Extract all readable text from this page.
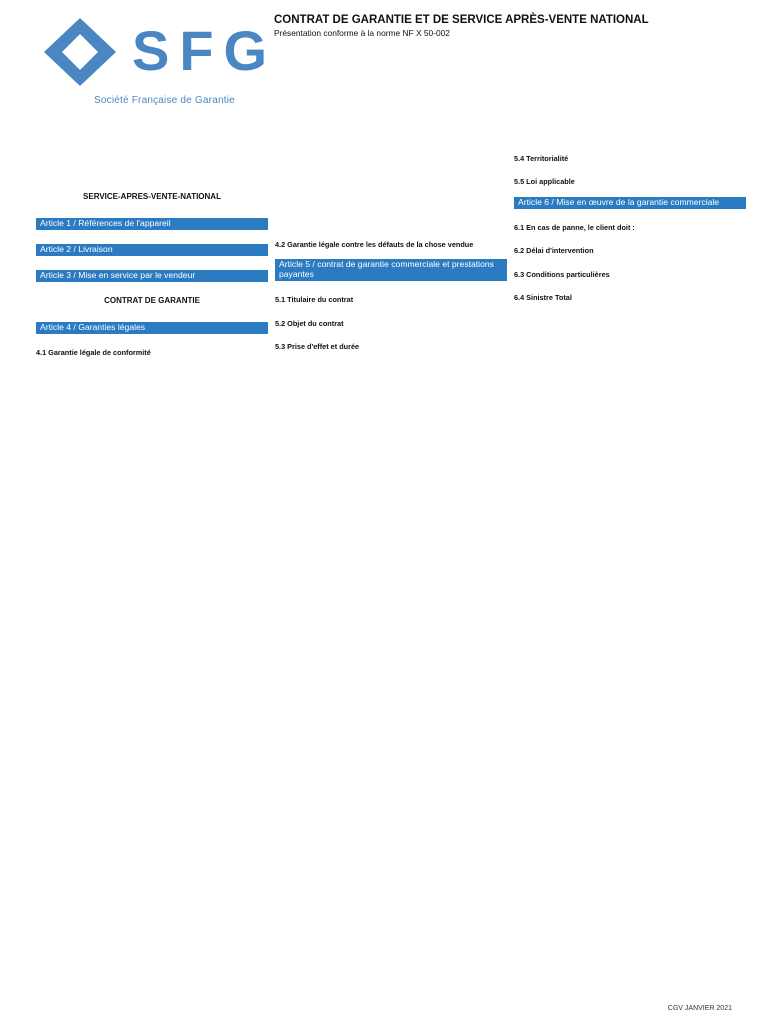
SFG
Société Française de Garantie
CONTRAT DE GARANTIE ET DE SERVICE APRÈS-VENTE NATIONAL
Présentation conforme à la norme NF X 50-002
SERVICE-APRES-VENTE-NATIONAL
Article 1 / Références de l'appareil
Article 2 / Livraison
Article 3 / Mise en service par le vendeur
CONTRAT DE GARANTIE
Article 4 / Garanties légales
4.1 Garantie légale de conformité
4.2 Garantie légale contre les défauts de la chose vendue
Article 5 / contrat de garantie commerciale et prestations payantes
5.1 Titulaire du contrat
5.2 Objet du contrat
5.3 Prise d'effet et durée
5.4 Territorialité
5.5 Loi applicable
Article 6 / Mise en œuvre de la garantie commerciale
6.1 En cas de panne, le client doit :
6.2 Délai d'intervention
6.3 Conditions particulières
6.4 Sinistre Total
CGV JANVIER 2021
